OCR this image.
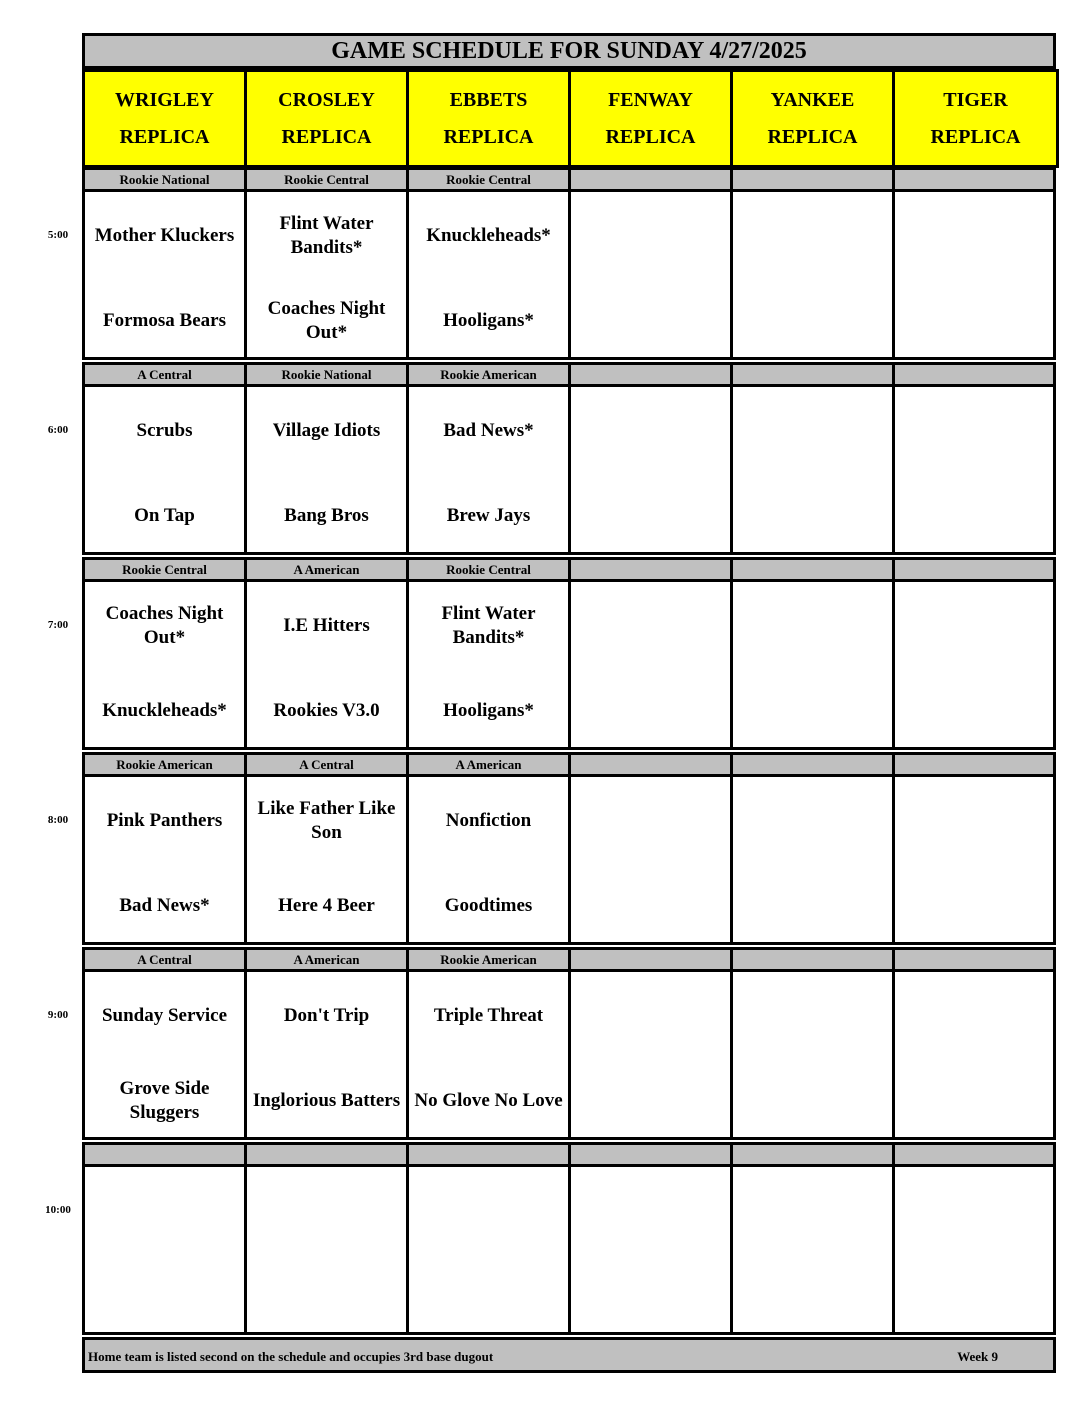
GAME SCHEDULE FOR SUNDAY 4/27/2025
WRIGLEY
REPLICA
CROSLEY
REPLICA
EBBETS
REPLICA
FENWAY
REPLICA
YANKEE
REPLICA
TIGER
REPLICA
5:00
Rookie National
Mother Kluckers
Formosa Bears
Rookie Central
Flint Water Bandits*
Coaches Night Out*
Rookie Central
Knuckleheads*
Hooligans*
6:00
A Central
Scrubs
On Tap
Rookie National
Village Idiots
Bang Bros
Rookie American
Bad News*
Brew Jays
7:00
Rookie Central
Coaches Night Out*
Knuckleheads*
A American
I.E Hitters
Rookies V3.0
Rookie Central
Flint Water Bandits*
Hooligans*
8:00
Rookie American
Pink Panthers
Bad News*
A Central
Like Father Like Son
Here 4 Beer
A American
Nonfiction
Goodtimes
9:00
A Central
Sunday Service
Grove Side Sluggers
A American
Don't Trip
Inglorious Batters
Rookie American
Triple Threat
No Glove No Love
10:00
Home team is listed second on the schedule and occupies 3rd base dugout	Week 9
